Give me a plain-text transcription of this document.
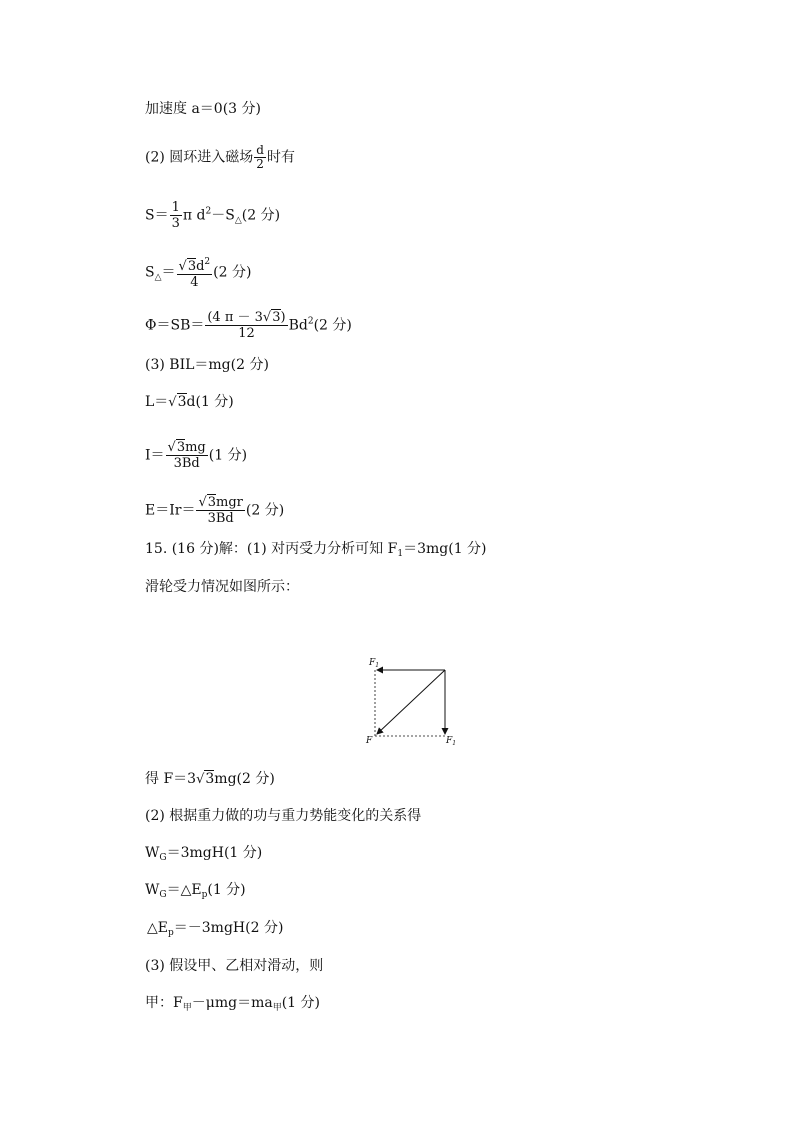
加速度 a＝0(3 分)
(2) 圆环进入磁场 $\frac{d}{2}$ 时有
$S= \frac{1}{3}$ π $d^2-S_\triangle(2$ 分)
$S_\triangle= \frac{√3d^2}{4} (2$ 分)
$\Phi=SB= \frac{(4 \pi - 3√3)}{12} Bd^2(2$ 分)
(3) BIL＝mg(2 分)
L＝√3d(1 分)
$I= \frac{√3mg}{3Bd} (1$ 分)
$E=Ir= \frac{\text{√3mgr}}{3Bd} (2$ 分)
15. (16 分)解：(1) 对丙受力分析可知 $F_1=3mg(1$ 分)
滑轮受力情况如图所示：
$F_1$
F	$F_1$
得 F＝3√3mg(2 分)
(2) 根据重力做的功与重力势能变化的关系得
$W_G=3mgH(1$ 分)
$W_G=\triangle E_p(1$ 分)
$\triangle E_p=-3mgH(2$ 分)
(3) 假设甲、乙相对滑动，则
甲：$F_甲-\mu mg=ma_甲(1$ 分)
